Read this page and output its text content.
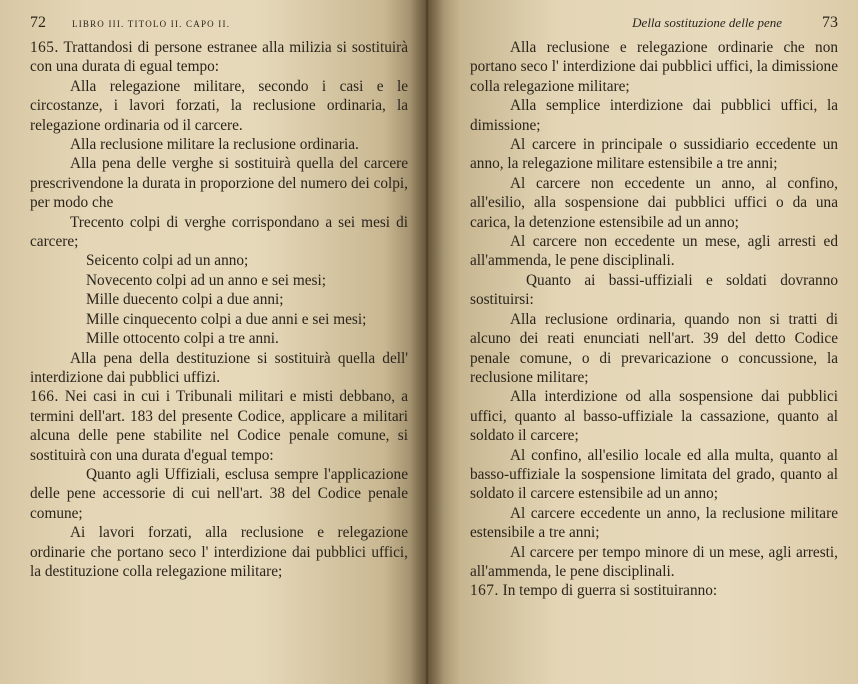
72	LIBRO III. TITOLO II. CAPO II.

165. Trattandosi di persone estranee alla milizia si sostituirà con una durata di egual tempo:

Alla relegazione militare, secondo i casi e le circostanze, i lavori forzati, la reclusione ordinaria, la relegazione ordinaria od il carcere.

Alla reclusione militare la reclusione ordinaria.

Alla pena delle verghe si sostituirà quella del carcere prescrivendone la durata in proporzione del numero dei colpi, per modo che

Trecento colpi di verghe corrispondano a sei mesi di carcere;

Seicento colpi ad un anno;

Novecento colpi ad un anno e sei mesi;

Mille duecento colpi a due anni;

Mille cinquecento colpi a due anni e sei mesi;

Mille ottocento colpi a tre anni.

Alla pena della destituzione si sostituirà quella dell' interdizione dai pubblici uffizi.

166. Nei casi in cui i Tribunali militari e misti debbano, a termini dell'art. 183 del presente Codice, applicare a militari alcuna delle pene stabilite nel Codice penale comune, si sostituirà con una durata d'egual tempo:

Quanto agli Uffiziali, esclusa sempre l'applicazione delle pene accessorie di cui nell'art. 38 del Codice penale comune;

Ai lavori forzati, alla reclusione e relegazione ordinarie che portano seco l' interdizione dai pubblici uffici, la destituzione colla relegazione militare;

Della sostituzione delle pene	73

Alla reclusione e relegazione ordinarie che non portano seco l' interdizione dai pubblici uffici, la dimissione colla relegazione militare;

Alla semplice interdizione dai pubblici uffici, la dimissione;

Al carcere in principale o sussidiario eccedente un anno, la relegazione militare estensibile a tre anni;

Al carcere non eccedente un anno, al confino, all'esilio, alla sospensione dai pubblici uffici o da una carica, la detenzione estensibile ad un anno;

Al carcere non eccedente un mese, agli arresti ed all'ammenda, le pene disciplinali.

Quanto ai bassi-uffiziali e soldati dovranno sostituirsi:

Alla reclusione ordinaria, quando non si tratti di alcuno dei reati enunciati nell'art. 39 del detto Codice penale comune, o di prevaricazione o concussione, la reclusione militare;

Alla interdizione od alla sospensione dai pubblici uffici, quanto al basso-uffiziale la cassazione, quanto al soldato il carcere;

Al confino, all'esilio locale ed alla multa, quanto al basso-uffiziale la sospensione limitata del grado, quanto al soldato il carcere estensibile ad un anno;

Al carcere eccedente un anno, la reclusione militare estensibile a tre anni;

Al carcere per tempo minore di un mese, agli arresti, all'ammenda, le pene disciplinali.

167. In tempo di guerra si sostituiranno:
